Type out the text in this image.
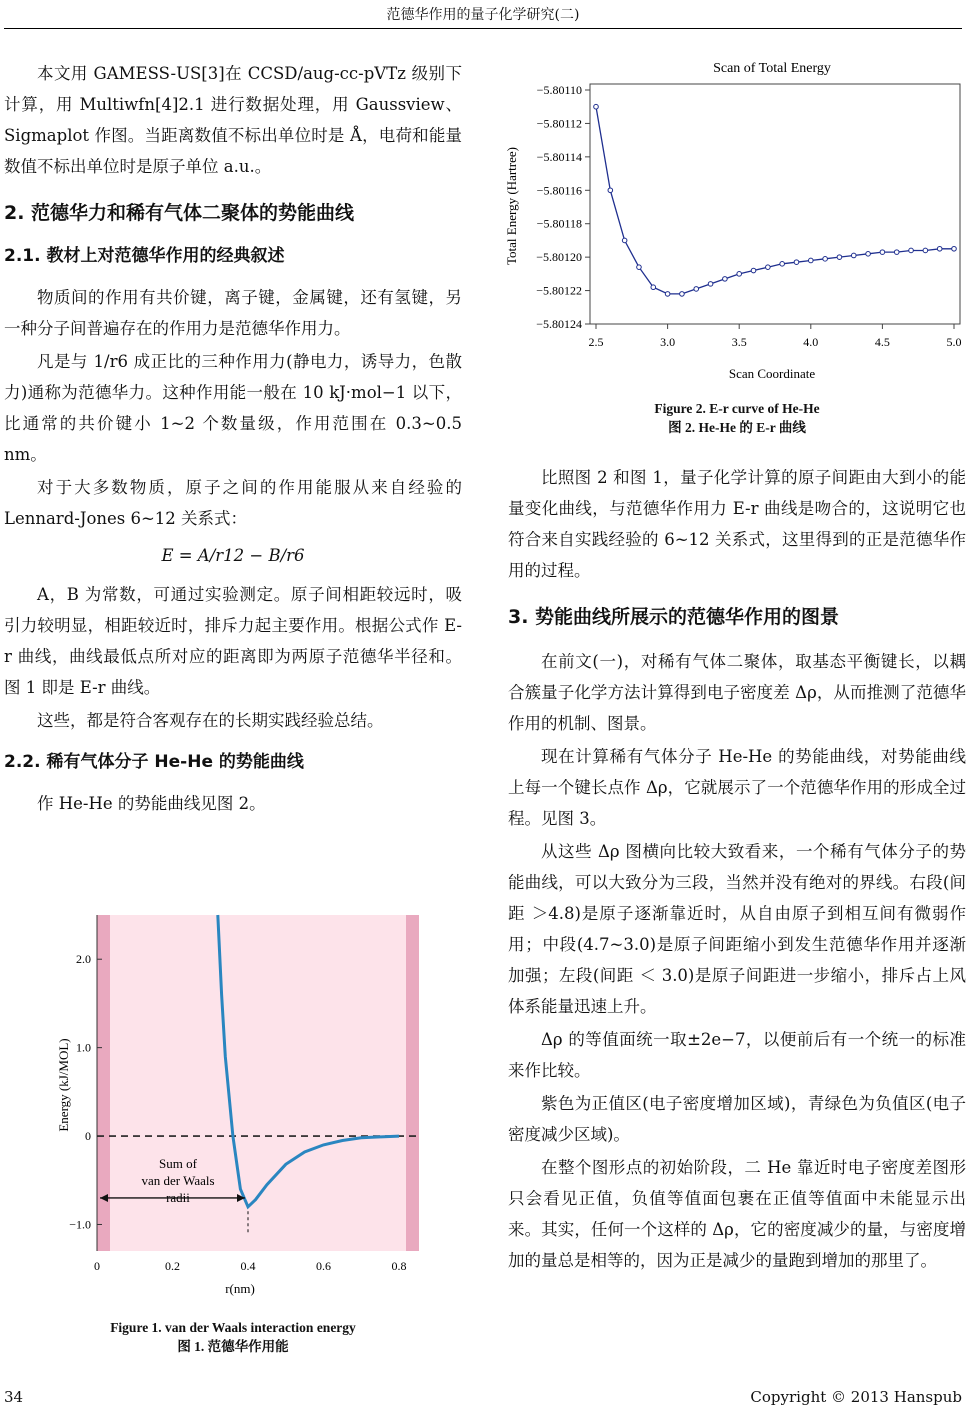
范德华作用的量子化学研究(二)

本文用 GAMESS-US[3]在 CCSD/aug-cc-pVTz 级别下计算，用 Multiwfn[4]2.1 进行数据处理，用 Gaussview、Sigmaplot 作图。当距离数值不标出单位时是 Å，电荷和能量数值不标出单位时是原子单位 a.u.。

2. 范德华力和稀有气体二聚体的势能曲线
2.1. 教材上对范德华作用的经典叙述

物质间的作用有共价键，离子键，金属键，还有氢键，另一种分子间普遍存在的作用力是范德华作用力。

凡是与 1/r6 成正比的三种作用力(静电力，诱导力，色散力)通称为范德华力。这种作用能一般在 10 kJ·mol−1 以下，比通常的共价键小 1~2 个数量级，作用范围在 0.3~0.5 nm。

对于大多数物质，原子之间的作用能服从来自经验的 Lennard-Jones 6~12 关系式：

E = A/r12 − B/r6

A，B 为常数，可通过实验测定。原子间相距较远时，吸引力较明显，相距较近时，排斥力起主要作用。根据公式作 E-r 曲线，曲线最低点所对应的距离即为两原子范德华半径和。图 1 即是 E-r 曲线。

这些，都是符合客观存在的长期实践经验总结。

2.2. 稀有气体分子 He-He 的势能曲线

作 He-He 的势能曲线见图 2。

Energy (kJ/MOL)
r(nm)
2.0
1.0
0
−1.0
0	0.2	0.4	0.6	0.8
Sum of
van der Waals
radii
Figure 1. van der Waals interaction energy
图 1. 范德华作用能
Scan of Total Energy
Total Energy (Hartree)
Scan Coordinate
−5.80110
−5.80112
−5.80114
−5.80116
−5.80118
−5.80120
−5.80122
−5.80124
2.5	3.0	3.5	4.0	4.5	5.0
Figure 2. E-r curve of He-He
图 2. He-He 的 E-r 曲线

比照图 2 和图 1，量子化学计算的原子间距由大到小的能量变化曲线，与范德华作用力 E-r 曲线是吻合的，这说明它也符合来自实践经验的 6~12 关系式，这里得到的正是范德华作用的过程。

3. 势能曲线所展示的范德华作用的图景

在前文(一)，对稀有气体二聚体，取基态平衡键长，以耦合簇量子化学方法计算得到电子密度差 Δρ，从而推测了范德华作用的机制、图景。

现在计算稀有气体分子 He-He 的势能曲线，对势能曲线上每一个键长点作 Δρ，它就展示了一个范德华作用的形成全过程。见图 3。

从这些 Δρ 图横向比较大致看来，一个稀有气体分子的势能曲线，可以大致分为三段，当然并没有绝对的界线。右段(间距 ＞4.8)是原子逐渐靠近时，从自由原子到相互间有微弱作用；中段(4.7~3.0)是原子间距缩小到发生范德华作用并逐渐加强；左段(间距 ＜ 3.0)是原子间距进一步缩小，排斥占上风体系能量迅速上升。

Δρ 的等值面统一取±2e−7，以便前后有一个统一的标准来作比较。

紫色为正值区(电子密度增加区域)，青绿色为负值区(电子密度减少区域)。

在整个图形点的初始阶段，二 He 靠近时电子密度差图形只会看见正值，负值等值面包裹在正值等值面中未能显示出来。其实，任何一个这样的 Δρ，它的密度减少的量，与密度增加的量总是相等的，因为正是减少的量跑到增加的那里了。

34	Copyright © 2013 Hanspub
